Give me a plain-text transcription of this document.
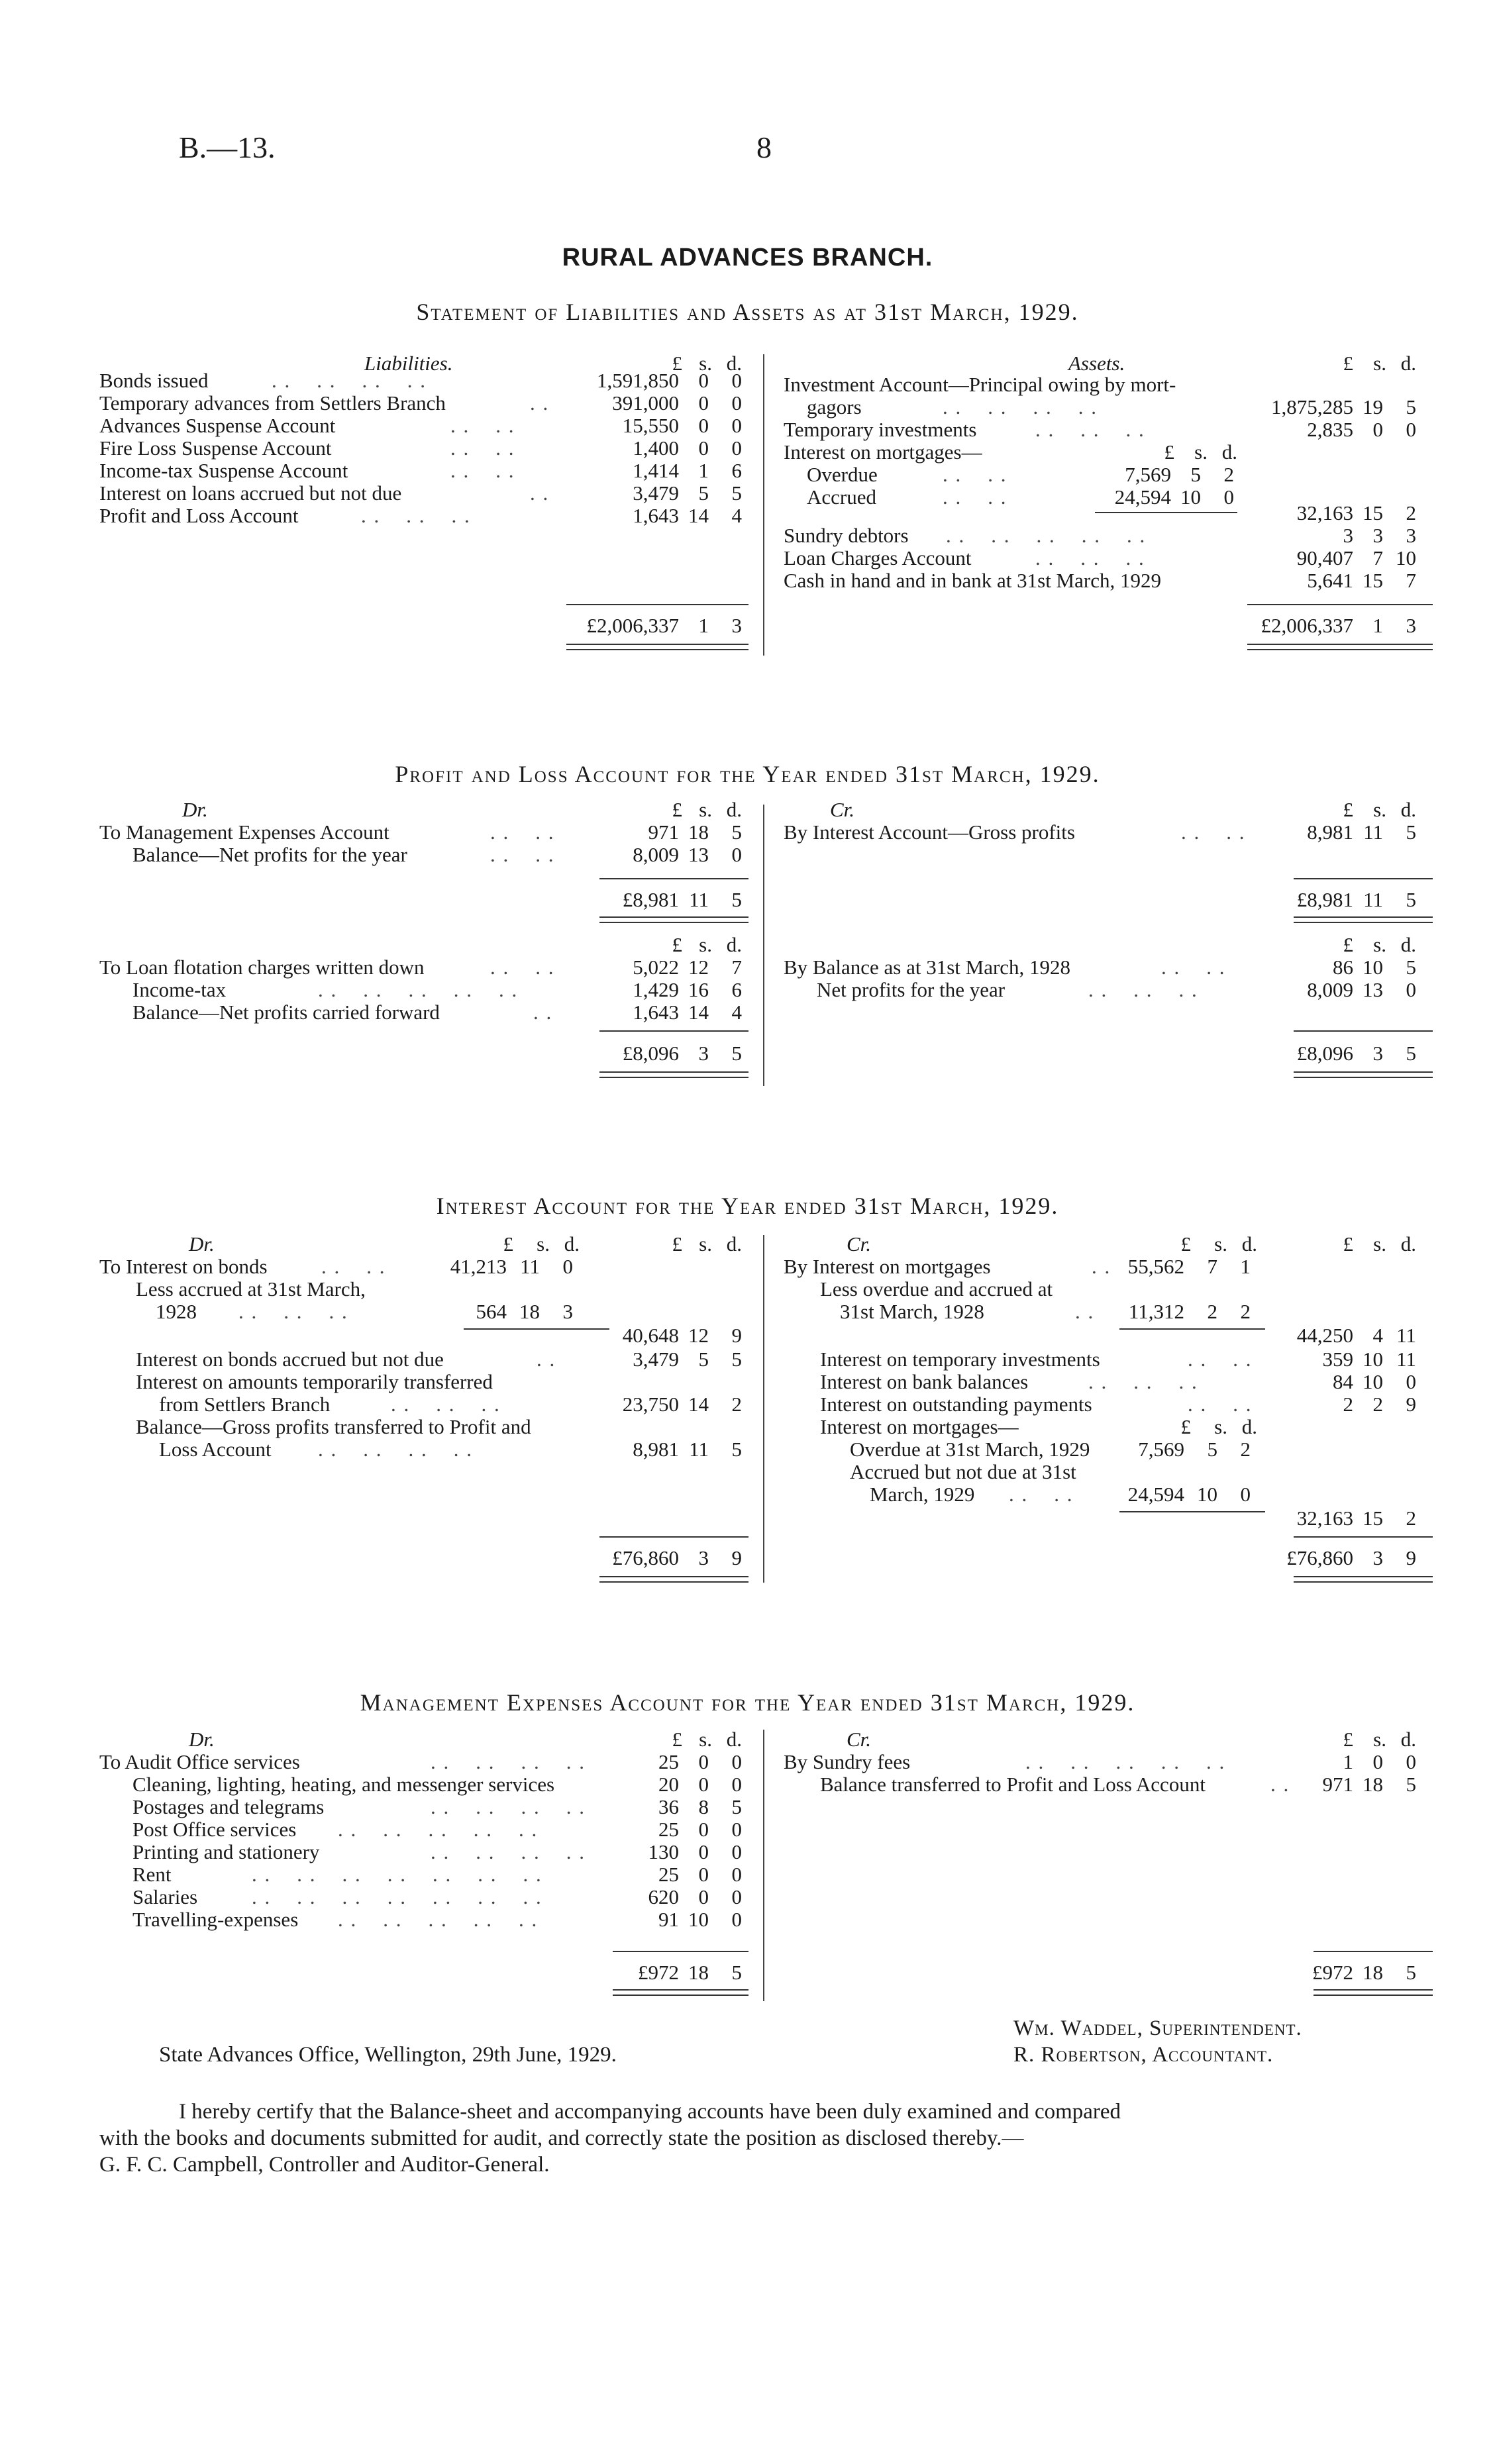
B.—13.	8
RURAL ADVANCES BRANCH.
Statement of Liabilities and Assets as at 31st March, 1929.
Liabilities.	£ s. d.
Bonds issued	. .    . .    . .    . .	1,591,850 0	0
Temporary advances from Settlers Branch	. .	391,000 0	0
Advances Suspense Account	. .    . .	15,550 0	0
Fire Loss Suspense Account	. .    . .	1,400 0	0
Income-tax Suspense Account	. .    . .	1,414 1	6
Interest on loans accrued but not due	. .	3,479 5	5
Profit and Loss Account	. .    . .    . .	1,643 14	4
£2,006,337 1	3
Assets.	£ s. d.
Investment Account—Principal owing by mort-
gagors	. .    . .    . .    . .	1,875,285 19	5
Temporary investments	. .    . .    . .	2,835 0	0
Interest on mortgages—	£ s. d.
Overdue	. .    . .	7,569 5	2
Accrued	. .    . .	24,594 10	0
32,163 15	2
Sundry debtors . .    . .    . .    . .    . .	3 3	3
Loan Charges Account	. .    . .    . .	90,407 7 10
Cash in hand and in bank at 31st March, 1929	5,641 15	7
£2,006,337 1	3
Profit and Loss Account for the Year ended 31st March, 1929.
Dr.	£ s. d.
To Management Expenses Account	. .    . .	971 18	5
Balance—Net profits for the year	. .    . .	8,009 13	0
£8,981 11	5
Cr.	£ s. d.
By Interest Account—Gross profits	. .    . .	8,981 11	5
£8,981 11	5
£ s. d.
To Loan flotation charges written down	. .    . .	5,022 12	7
Income-tax	. .    . .    . .    . .    . .	1,429 16	6
Balance—Net profits carried forward	. .	1,643 14	4
£8,096 3	5
£ s. d.
By Balance as at 31st March, 1928	. .    . .	86 10	5
Net profits for the year	. .    . .    . .	8,009 13	0
£8,096 3	5
Interest Account for the Year ended 31st March, 1929.
Dr.	£	s. d.	£ s. d.
To Interest on bonds	. .    . .	41,213 11	0
Less accrued at 31st March,
1928 . .    . .    . .	564 18	3
40,648 12	9
Interest on bonds accrued but not due	. .	3,479 5	5
Interest on amounts temporarily transferred
from Settlers Branch	. .    . .    . .	23,750 14	2
Balance—Gross profits transferred to Profit and
Loss Account . .    . .    . .    . .	8,981 11	5
£76,860 3	9
Cr.	£	s. d.	£ s. d.
By Interest on mortgages	. . 55,562	7	1
Less overdue and accrued at
31st March, 1928	. .	11,312	2	2
44,250 4 11
Interest on temporary investments	. .    . .	359 10 11
Interest on bank balances	. .    . .    . .	84 10	0
Interest on outstanding payments	. .    . .	2 2	9
Interest on mortgages—	£	s. d.
Overdue at 31st March, 1929	7,569	5	2
Accrued but not due at 31st
March, 1929 . .    . .	24,594 10	0
32,163 15	2
£76,860 3	9
Management Expenses Account for the Year ended 31st March, 1929.
Dr.	£ s. d.
To Audit Office services	. .    . .    . .    . .	25 0	0
Cleaning, lighting, heating, and messenger services	20 0	0
Postages and telegrams	. .    . .    . .    . .	36 8	5
Post Office services . .    . .    . .    . .    . .	25 0	0
Printing and stationery	. .    . .    . .    . .	130 0	0
Rent	. .    . .    . .    . .    . .    . .    . .	25 0	0
Salaries	. .    . .    . .    . .    . .    . .    . .	620 0	0
Travelling-expenses . .    . .    . .    . .    . .	91 10	0
£972 18	5
Cr.	£ s. d.
By Sundry fees	. .    . .    . .    . .    . .	1 0	0
Balance transferred to Profit and Loss Account	. .	971 18	5
£972 18	5
Wm. Waddel, Superintendent.
R. Robertson, Accountant.
State Advances Office, Wellington, 29th June, 1929.
I hereby certify that the Balance-sheet and accompanying accounts have been duly examined and compared
with the books and documents submitted for audit, and correctly state the position as disclosed thereby.—
G. F. C. Campbell, Controller and Auditor-General.
